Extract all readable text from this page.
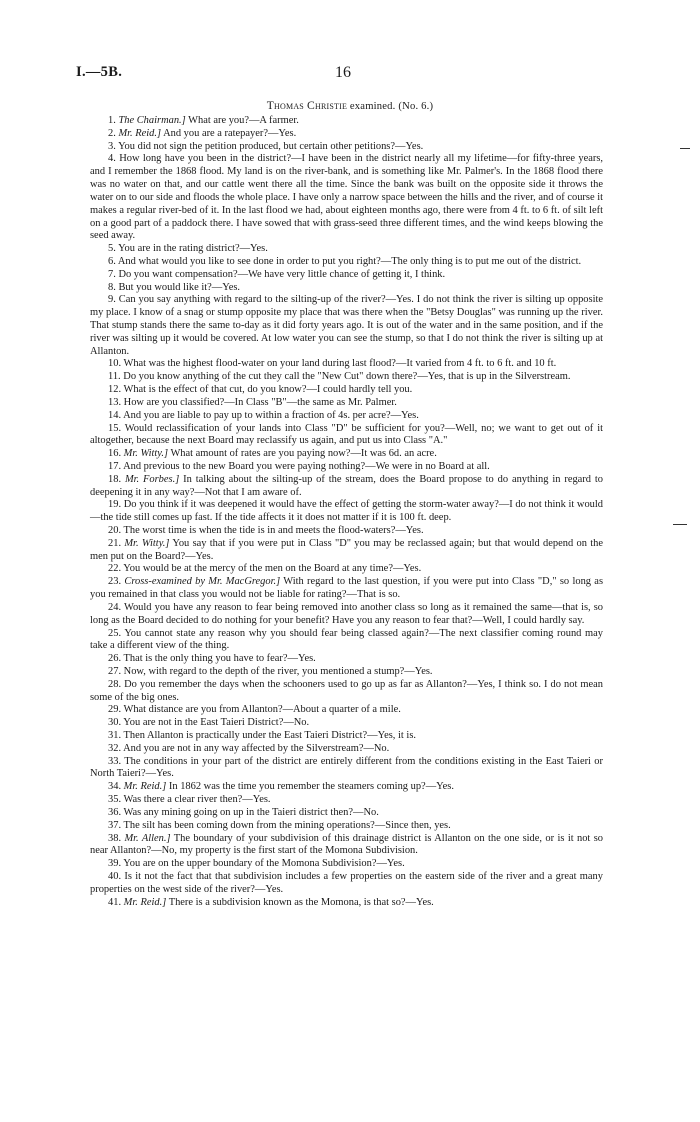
I.—5B.	16
Thomas Christie examined. (No. 6.)

1. The Chairman.] What are you?—A farmer.

2. Mr. Reid.] And you are a ratepayer?—Yes.

3. You did not sign the petition produced, but certain other petitions?—Yes.

4. How long have you been in the district?—I have been in the district nearly all my lifetime—for fifty-three years, and I remember the 1868 flood. My land is on the river-bank, and is something like Mr. Palmer's. In the 1868 flood there was no water on that, and our cattle went there all the time. Since the bank was built on the opposite side it throws the water on to our side and floods the whole place. I have only a narrow space between the hills and the river, and of course it makes a regular river-bed of it. In the last flood we had, about eighteen months ago, there were from 4 ft. to 6 ft. of silt left on a good part of a paddock there. I have sowed that with grass-seed three different times, and the wind keeps blowing the seed away.

5. You are in the rating district?—Yes.

6. And what would you like to see done in order to put you right?—The only thing is to put me out of the district.

7. Do you want compensation?—We have very little chance of getting it, I think.

8. But you would like it?—Yes.

9. Can you say anything with regard to the silting-up of the river?—Yes. I do not think the river is silting up opposite my place. I know of a snag or stump opposite my place that was there when the "Betsy Douglas" was running up the river. That stump stands there the same to-day as it did forty years ago. It is out of the water and in the same position, and if the river was silting up it would be covered. At low water you can see the stump, so that I do not think the river is silting up at Allanton.

10. What was the highest flood-water on your land during last flood?—It varied from 4 ft. to 6 ft. and 10 ft.

11. Do you know anything of the cut they call the "New Cut" down there?—Yes, that is up in the Silverstream.

12. What is the effect of that cut, do you know?—I could hardly tell you.

13. How are you classified?—In Class "B"—the same as Mr. Palmer.

14. And you are liable to pay up to within a fraction of 4s. per acre?—Yes.

15. Would reclassification of your lands into Class "D" be sufficient for you?—Well, no; we want to get out of it altogether, because the next Board may reclassify us again, and put us into Class "A."

16. Mr. Witty.] What amount of rates are you paying now?—It was 6d. an acre.

17. And previous to the new Board you were paying nothing?—We were in no Board at all.

18. Mr. Forbes.] In talking about the silting-up of the stream, does the Board propose to do anything in regard to deepening it in any way?—Not that I am aware of.

19. Do you think if it was deepened it would have the effect of getting the storm-water away?—I do not think it would—the tide still comes up fast. If the tide affects it it does not matter if it is 100 ft. deep.

20. The worst time is when the tide is in and meets the flood-waters?—Yes.

21. Mr. Witty.] You say that if you were put in Class "D" you may be reclassed again; but that would depend on the men put on the Board?—Yes.

22. You would be at the mercy of the men on the Board at any time?—Yes.

23. Cross-examined by Mr. MacGregor.] With regard to the last question, if you were put into Class "D," so long as you remained in that class you would not be liable for rating?—That is so.

24. Would you have any reason to fear being removed into another class so long as it remained the same—that is, so long as the Board decided to do nothing for your benefit? Have you any reason to fear that?—Well, I could hardly say.

25. You cannot state any reason why you should fear being classed again?—The next classifier coming round may take a different view of the thing.

26. That is the only thing you have to fear?—Yes.

27. Now, with regard to the depth of the river, you mentioned a stump?—Yes.

28. Do you remember the days when the schooners used to go up as far as Allanton?—Yes, I think so. I do not mean some of the big ones.

29. What distance are you from Allanton?—About a quarter of a mile.

30. You are not in the East Taieri District?—No.

31. Then Allanton is practically under the East Taieri District?—Yes, it is.

32. And you are not in any way affected by the Silverstream?—No.

33. The conditions in your part of the district are entirely different from the conditions existing in the East Taieri or North Taieri?—Yes.

34. Mr. Reid.] In 1862 was the time you remember the steamers coming up?—Yes.

35. Was there a clear river then?—Yes.

36. Was any mining going on up in the Taieri district then?—No.

37. The silt has been coming down from the mining operations?—Since then, yes.

38. Mr. Allen.] The boundary of your subdivision of this drainage district is Allanton on the one side, or is it not so near Allanton?—No, my property is the first start of the Momona Subdivision.

39. You are on the upper boundary of the Momona Subdivision?—Yes.

40. Is it not the fact that that subdivision includes a few properties on the eastern side of the river and a great many properties on the west side of the river?—Yes.

41. Mr. Reid.] There is a subdivision known as the Momona, is that so?—Yes.
